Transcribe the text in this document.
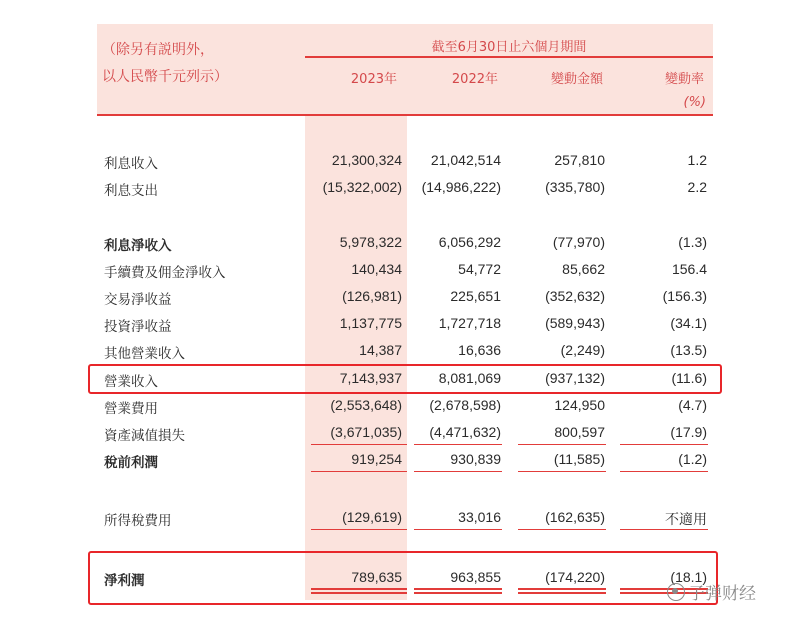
（除另有説明外，
以人民幣千元列示）
截至6月30日止六個月期間
2023年	2022年	變動金額	變動率
(%)
利息收入	21,300,324	21,042,514	257,810	1.2
利息支出	(15,322,002)	(14,986,222)	(335,780)	2.2
利息淨收入	5,978,322	6,056,292	(77,970)	(1.3)
手續費及佣金淨收入	140,434	54,772	85,662	156.4
交易淨收益	(126,981)	225,651	(352,632)	(156.3)
投資淨收益	1,137,775	1,727,718	(589,943)	(34.1)
其他營業收入	14,387	16,636	(2,249)	(13.5)
營業收入	7,143,937	8,081,069	(937,132)	(11.6)
營業費用	(2,553,648)	(2,678,598)	124,950	(4.7)
資產減值損失	(3,671,035)	(4,471,632)	800,597	(17.9)
稅前利潤	919,254	930,839	(11,585)	(1.2)
所得稅費用	(129,619)	33,016	(162,635)	不適用
淨利潤	789,635	963,855	(174,220)	(18.1)
子弹财经
